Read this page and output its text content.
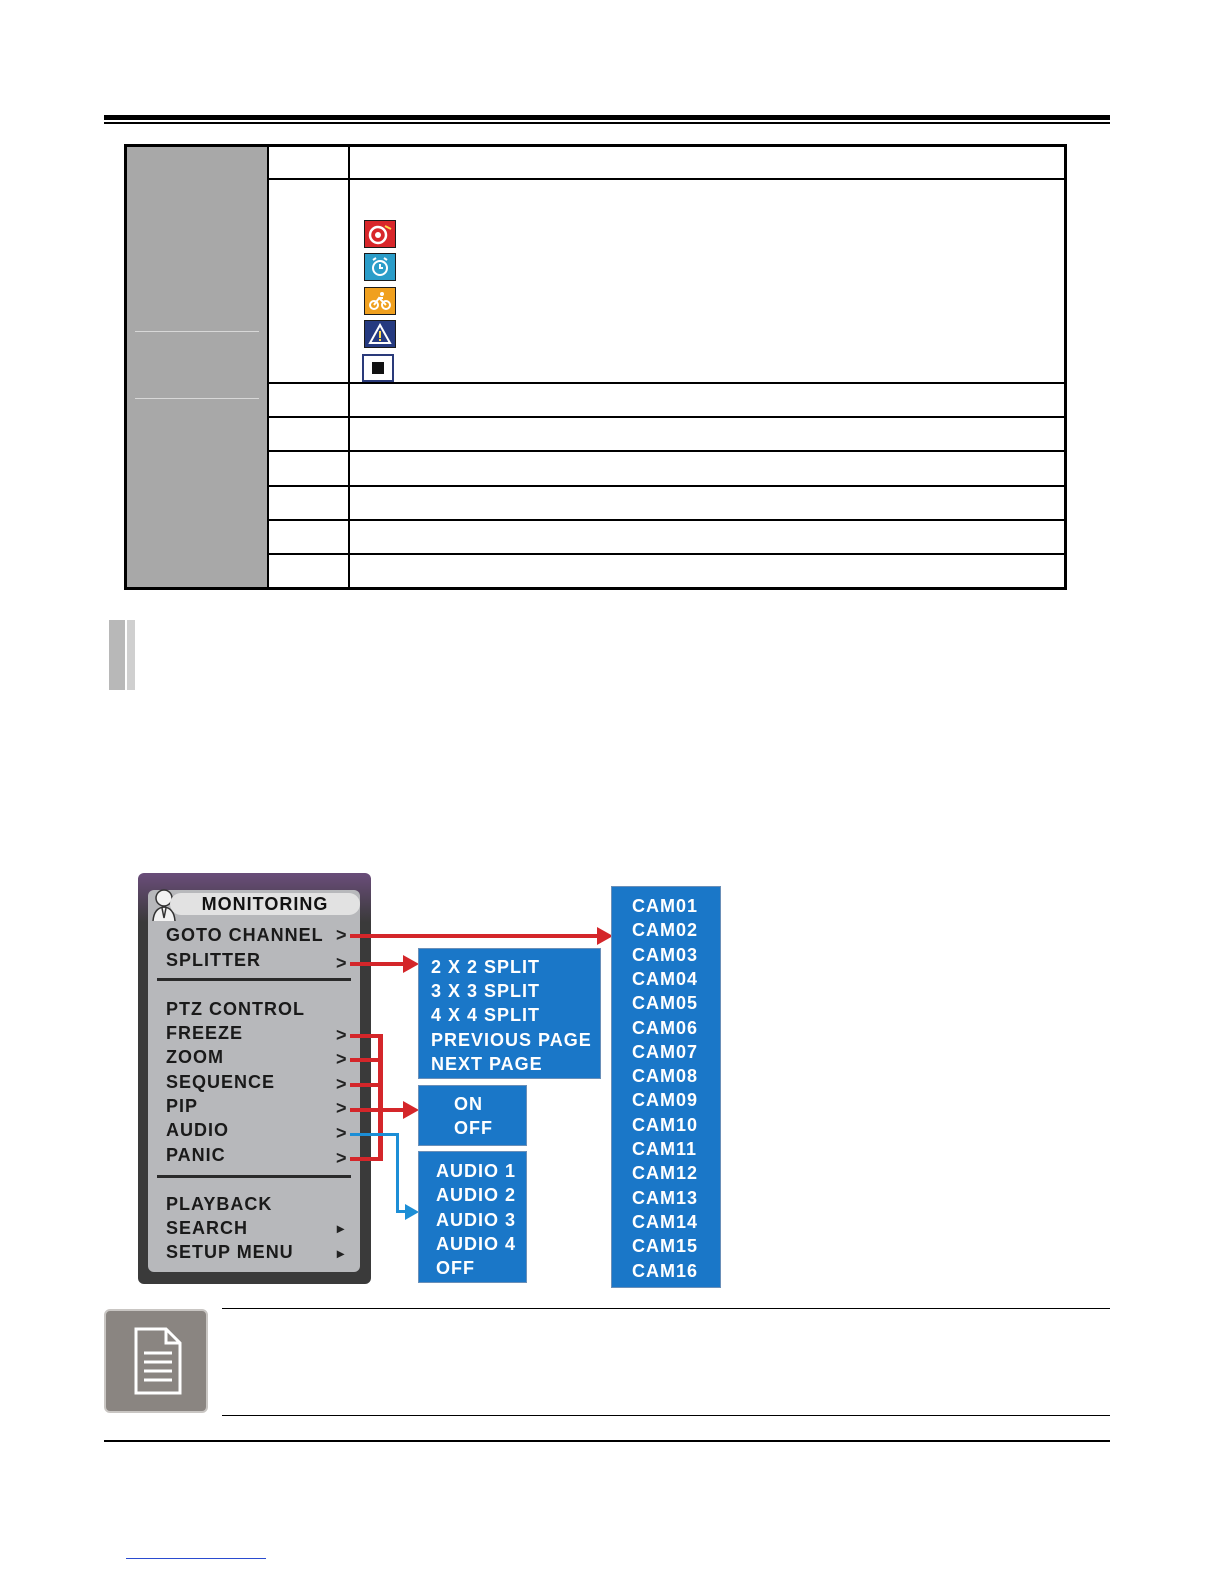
MONITORING
GOTO CHANNEL >
SPLITTER	>
PTZ CONTROL
FREEZE	>
ZOOM	>
SEQUENCE	>
PIP	>
AUDIO	>
PANIC	>
PLAYBACK
SEARCH	▸
SETUP MENU	▸
2 X 2 SPLIT
3 X 3 SPLIT
4 X 4 SPLIT
PREVIOUS PAGE
NEXT PAGE
ON
OFF
AUDIO 1
AUDIO 2
AUDIO 3
AUDIO 4
OFF
CAM01
CAM02
CAM03
CAM04
CAM05
CAM06
CAM07
CAM08
CAM09
CAM10
CAM11
CAM12
CAM13
CAM14
CAM15
CAM16
